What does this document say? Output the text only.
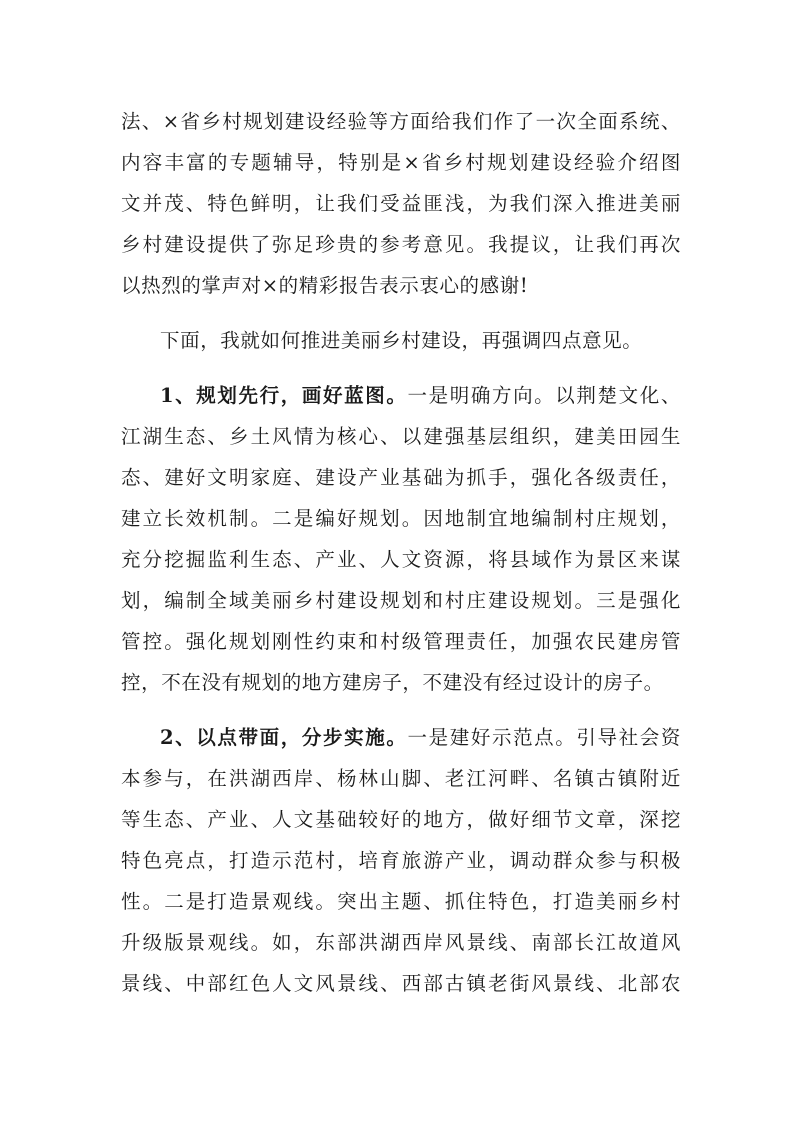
法、×省乡村规划建设经验等方面给我们作了一次全面系统、
内容丰富的专题辅导，特别是×省乡村规划建设经验介绍图
文并茂、特色鲜明，让我们受益匪浅，为我们深入推进美丽
乡村建设提供了弥足珍贵的参考意见。我提议，让我们再次
以热烈的掌声对×的精彩报告表示衷心的感谢!
下面，我就如何推进美丽乡村建设，再强调四点意见。
1、规划先行，画好蓝图。一是明确方向。以荆楚文化、
江湖生态、乡土风情为核心、以建强基层组织，建美田园生
态、建好文明家庭、建设产业基础为抓手，强化各级责任，
建立长效机制。二是编好规划。因地制宜地编制村庄规划，
充分挖掘监利生态、产业、人文资源，将县域作为景区来谋
划，编制全域美丽乡村建设规划和村庄建设规划。三是强化
管控。强化规划刚性约束和村级管理责任，加强农民建房管
控，不在没有规划的地方建房子，不建没有经过设计的房子。
2、以点带面，分步实施。一是建好示范点。引导社会资
本参与，在洪湖西岸、杨林山脚、老江河畔、名镇古镇附近
等生态、产业、人文基础较好的地方，做好细节文章，深挖
特色亮点，打造示范村，培育旅游产业，调动群众参与积极
性。二是打造景观线。突出主题、抓住特色，打造美丽乡村
升级版景观线。如，东部洪湖西岸风景线、南部长江故道风
景线、中部红色人文风景线、西部古镇老街风景线、北部农
